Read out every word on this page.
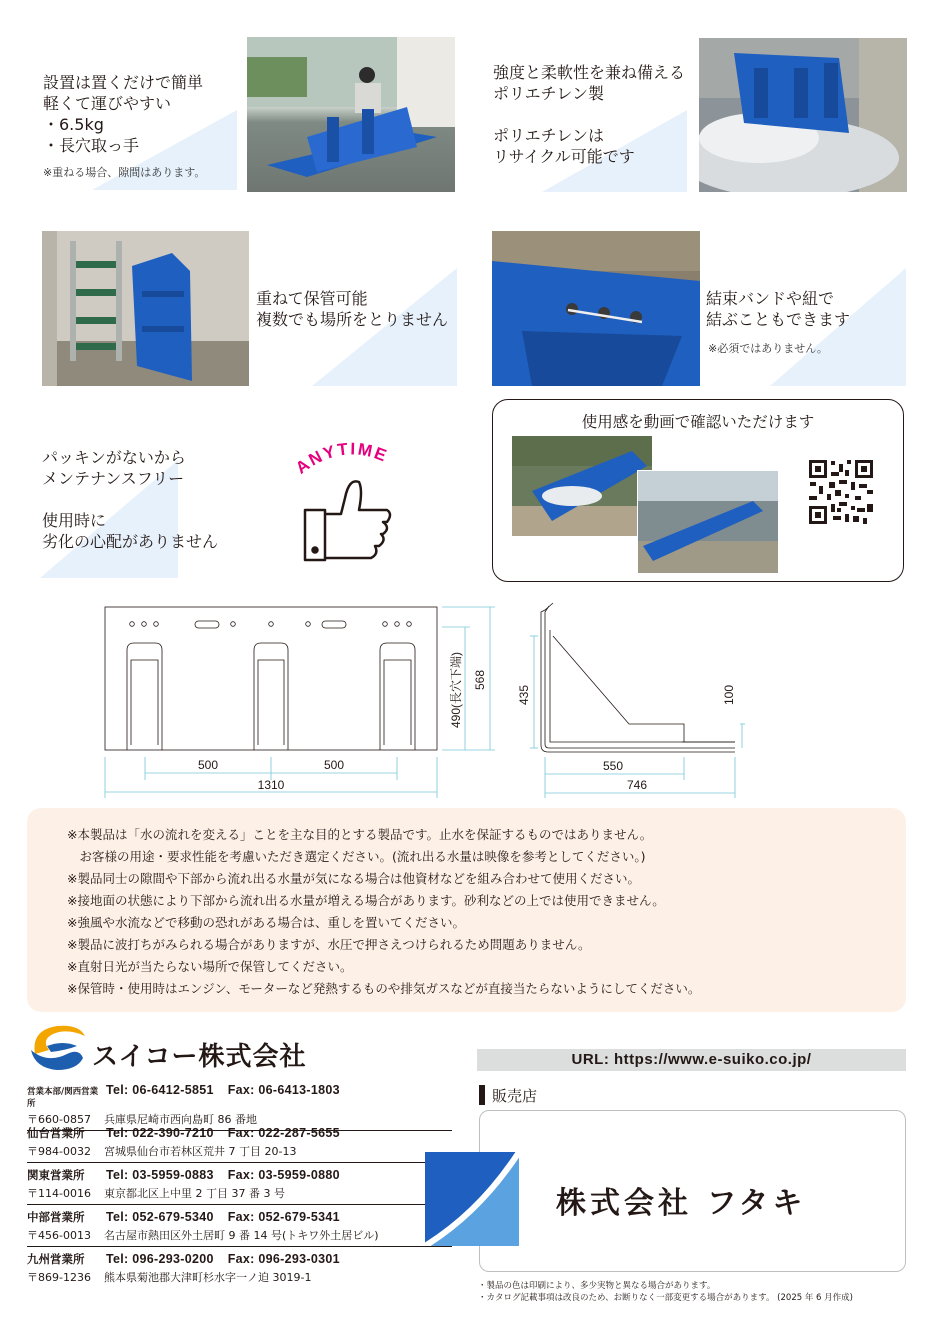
設置は置くだけで簡単
軽くて運びやすい
・6.5kg
・長穴取っ手
※重ねる場合、隙間はあります。
強度と柔軟性を兼ね備える
ポリエチレン製

ポリエチレンは
リサイクル可能です
重ねて保管可能
複数でも場所をとりません
結束バンドや紐で
結ぶこともできます
※必須ではありません。
パッキンがないから
メンテナンスフリー

使用時に
劣化の心配がありません
ANYTIME
使用感を動画で確認いただけます
500	500
1310
490(長穴下端) 568
550
746
435	100
※本製品は「水の流れを変える」ことを主な目的とする製品です。止水を保証するものではありません。
　お客様の用途・要求性能を考慮いただき選定ください。(流れ出る水量は映像を参考としてください。)
※製品同士の隙間や下部から流れ出る水量が気になる場合は他資材などを組み合わせて使用ください。
※接地面の状態により下部から流れ出る水量が増える場合があります。砂利などの上では使用できません。
※強風や水流などで移動の恐れがある場合は、重しを置いてください。
※製品に波打ちがみられる場合がありますが、水圧で押さえつけられるため問題ありません。
※直射日光が当たらない場所で保管してください。
※保管時・使用時はエンジン、モーターなど発熱するものや排気ガスなどが直接当たらないようにしてください。
スイコー株式会社
営業本部/関西営業所
Tel: 06-6412-5851 Fax: 06-6413-1803
〒660-0857	兵庫県尼崎市西向島町 86 番地
仙台営業所	Tel: 022-390-7210 Fax: 022-287-5655
〒984-0032	宮城県仙台市若林区荒井 7 丁目 20-13
関東営業所	Tel: 03-5959-0883 Fax: 03-5959-0880
〒114-0016	東京都北区上中里 2 丁目 37 番 3 号
中部営業所	Tel: 052-679-5340 Fax: 052-679-5341
〒456-0013	名古屋市熱田区外土居町 9 番 14 号(トキワ外土居ビル)
九州営業所	Tel: 096-293-0200 Fax: 096-293-0301
〒869-1236	熊本県菊池郡大津町杉水字一ノ迫 3019-1
URL: https://www.e-suiko.co.jp/
販売店
株式会社 フタキ
・製品の色は印刷により、多少実物と異なる場合があります。
・カタログ記載事項は改良のため、お断りなく一部変更する場合があります。 (2025 年 6 月作成)
